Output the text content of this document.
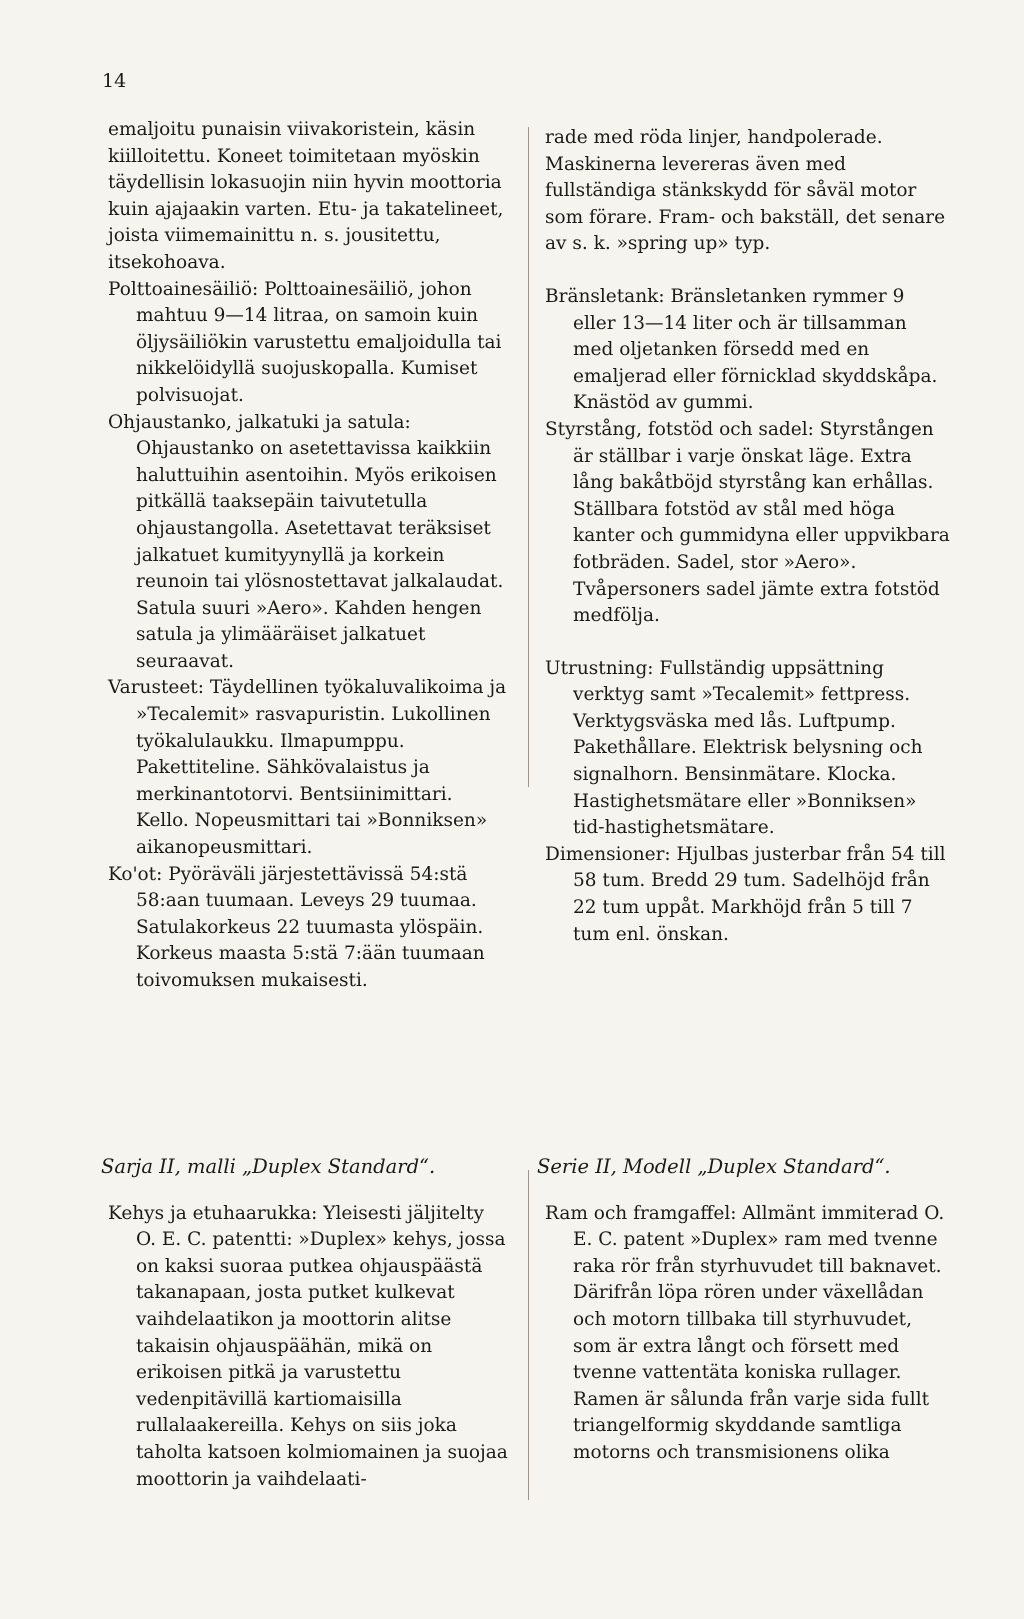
14

emaljoitu punaisin viivakoristein, käsin kiilloitettu. Koneet toimitetaan myöskin täydellisin lokasuojin niin hyvin moottoria kuin ajajaakin varten. Etu- ja takatelineet, joista viimemainittu n. s. jousitettu, itsekohoava.

Polttoainesäiliö: Polttoainesäiliö, johon mahtuu 9—14 litraa, on samoin kuin öljysäiliökin varustettu emaljoidulla tai nikkelöidyllä suojuskopalla. Kumiset polvisuojat.

Ohjaustanko, jalkatuki ja satula: Ohjaustanko on asetettavissa kaikkiin haluttuihin asentoihin. Myös erikoisen pitkällä taaksepäin taivutetulla ohjaustangolla. Asetettavat teräksiset jalkatuet kumityynyllä ja korkein reunoin tai ylösnostettavat jalkalaudat. Satula suuri »Aero». Kahden hengen satula ja ylimääräiset jalkatuet seuraavat.

Varusteet: Täydellinen työkaluvalikoima ja »Tecalemit» rasvapuristin. Lukollinen työkalulaukku. Ilmapumppu. Pakettiteline. Sähkövalaistus ja merkinantotorvi. Bentsiinimittari. Kello. Nopeusmittari tai »Bonniksen» aikanopeusmittari.

Ko'ot: Pyöräväli järjestettävissä 54:stä 58:aan tuumaan. Leveys 29 tuumaa. Satulakorkeus 22 tuumasta ylöspäin. Korkeus maasta 5:stä 7:ään tuumaan toivomuksen mukaisesti.

rade med röda linjer, handpolerade. Maskinerna levereras även med fullständiga stänkskydd för såväl motor som förare. Fram- och bakställ, det senare av s. k. »spring up» typ.

Bränsletank: Bränsletanken rymmer 9 eller 13—14 liter och är tillsamman med oljetanken försedd med en emaljerad eller förnicklad skyddskåpa. Knästöd av gummi.

Styrstång, fotstöd och sadel: Styrstången är ställbar i varje önskat läge. Extra lång bakåtböjd styrstång kan erhållas. Ställbara fotstöd av stål med höga kanter och gummidyna eller uppvikbara fotbräden. Sadel, stor »Aero». Tvåpersoners sadel jämte extra fotstöd medfölja.

Utrustning: Fullständig uppsättning verktyg samt »Tecalemit» fettpress. Verktygsväska med lås. Luftpump. Pakethållare. Elektrisk belysning och signalhorn. Bensinmätare. Klocka. Hastighetsmätare eller »Bonniksen» tid-hastighetsmätare.

Dimensioner: Hjulbas justerbar från 54 till 58 tum. Bredd 29 tum. Sadelhöjd från 22 tum uppåt. Markhöjd från 5 till 7 tum enl. önskan.

Sarja II, malli „Duplex Standard“.

Kehys ja etuhaarukka: Yleisesti jäljitelty O. E. C. patentti: »Duplex» kehys, jossa on kaksi suoraa putkea ohjauspäästä takanapaan, josta putket kulkevat vaihdelaatikon ja moottorin alitse takaisin ohjauspäähän, mikä on erikoisen pitkä ja varustettu vedenpitävillä kartiomaisilla rullalaakereilla. Kehys on siis joka taholta katsoen kolmiomainen ja suojaa moottorin ja vaihdelaati-

Serie II, Modell „Duplex Standard“.

Ram och framgaffel: Allmänt immiterad O. E. C. patent »Duplex» ram med tvenne raka rör från styrhuvudet till baknavet. Därifrån löpa rören under växellådan och motorn tillbaka till styrhuvudet, som är extra långt och försett med tvenne vattentäta koniska rullager. Ramen är sålunda från varje sida fullt triangelformig skyddande samtliga motorns och transmisionens olika
